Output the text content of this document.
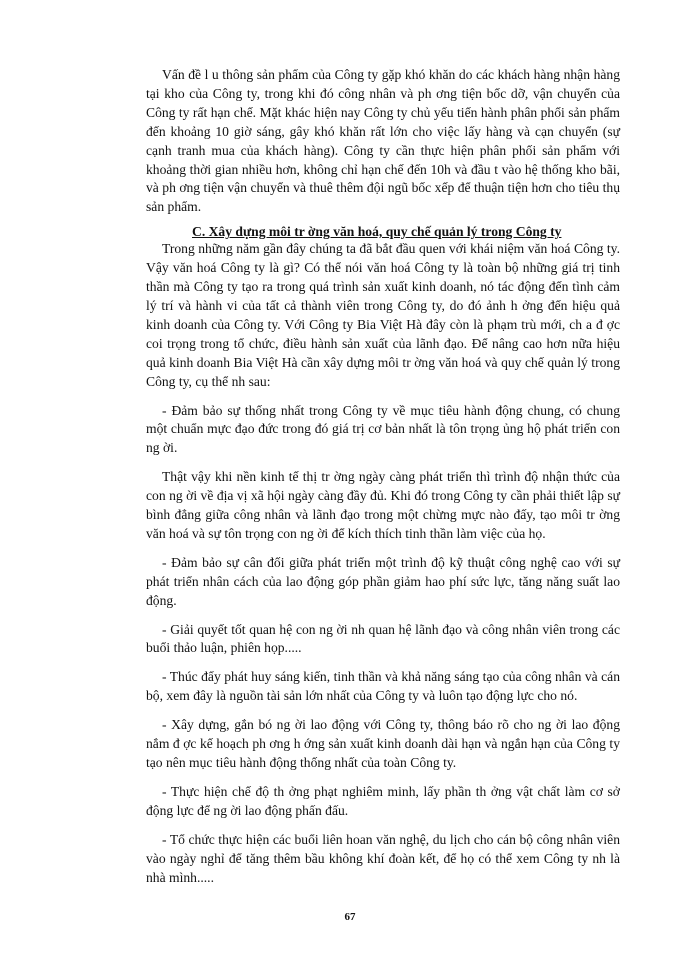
Vấn đề l u thông sản phẩm của Công ty gặp khó khăn do các khách hàng nhận hàng tại kho của Công ty, trong khi đó công nhân và ph ơng tiện bốc dỡ, vận chuyển của Công ty rất hạn chế. Mặt khác hiện nay Công ty chủ yếu tiến hành phân phối sản phẩm đến khoảng 10 giờ sáng, gây khó khăn rất lớn cho việc lấy hàng và cạn chuyển (sự cạnh tranh mua của khách hàng). Công ty cần thực hiện phân phối sản phẩm với khoảng thời gian nhiều hơn, không chỉ hạn chế đến 10h và đầu t vào hệ thống kho bãi, và ph ơng tiện vận chuyển và thuê thêm đội ngũ bốc xếp để thuận tiện hơn cho tiêu thụ sản phẩm.

C. Xây dựng môi tr ờng văn hoá, quy chế quản lý trong Công ty

Trong những năm gần đây chúng ta đã bắt đầu quen với khái niệm văn hoá Công ty. Vậy văn hoá Công ty là gì? Có thể nói văn hoá Công ty là toàn bộ những giá trị tinh thần mà Công ty tạo ra trong quá trình sản xuất kinh doanh, nó tác động đến tình cảm lý trí và hành vi của tất cả thành viên trong Công ty, do đó ảnh h ởng đến hiệu quả kinh doanh của Công ty. Với Công ty Bia Việt Hà đây còn là phạm trù mới, ch a đ ợc coi trọng trong tổ chức, điều hành sản xuất của lãnh đạo. Để nâng cao hơn nữa hiệu quả kinh doanh Bia Việt Hà cần xây dựng môi tr ờng văn hoá và quy chế quản lý trong Công ty, cụ thể nh sau:

- Đảm bảo sự thống nhất trong Công ty về mục tiêu hành động chung, có chung một chuẩn mực đạo đức trong đó giá trị cơ bản nhất là tôn trọng ủng hộ phát triển con ng ời.

Thật vậy khi nền kinh tế thị tr ờng ngày càng phát triển thì trình độ nhận thức của con ng ời về địa vị xã hội ngày càng đầy đủ. Khi đó trong Công ty cần phải thiết lập sự bình đẳng giữa công nhân và lãnh đạo trong một chừng mực nào đấy, tạo môi tr ờng văn hoá và sự tôn trọng con ng ời để kích thích tinh thần làm việc của họ.

- Đảm bảo sự cân đối giữa phát triển một trình độ kỹ thuật công nghệ cao với sự phát triển nhân cách của lao động góp phần giảm hao phí sức lực, tăng năng suất lao động.

- Giải quyết tốt quan hệ con ng ời nh quan hệ lãnh đạo và công nhân viên trong các buổi thảo luận, phiên họp.....

- Thúc đẩy phát huy sáng kiến, tinh thần và khả năng sáng tạo của công nhân và cán bộ, xem đây là nguồn tài sản lớn nhất của Công ty và luôn tạo động lực cho nó.

- Xây dựng, gắn bó ng ời lao động với Công ty, thông báo rõ cho ng ời lao động nắm đ ợc kế hoạch ph ơng h ớng sản xuất kinh doanh dài hạn và ngắn hạn của Công ty tạo nên mục tiêu hành động thống nhất của toàn Công ty.

- Thực hiện chế độ th ởng phạt nghiêm minh, lấy phần th ởng vật chất làm cơ sở động lực để ng ời lao động phấn đấu.

- Tổ chức thực hiện các buổi liên hoan văn nghệ, du lịch cho cán bộ công nhân viên vào ngày nghỉ để tăng thêm bầu không khí đoàn kết, để họ có thể xem Công ty nh là nhà mình.....

67
